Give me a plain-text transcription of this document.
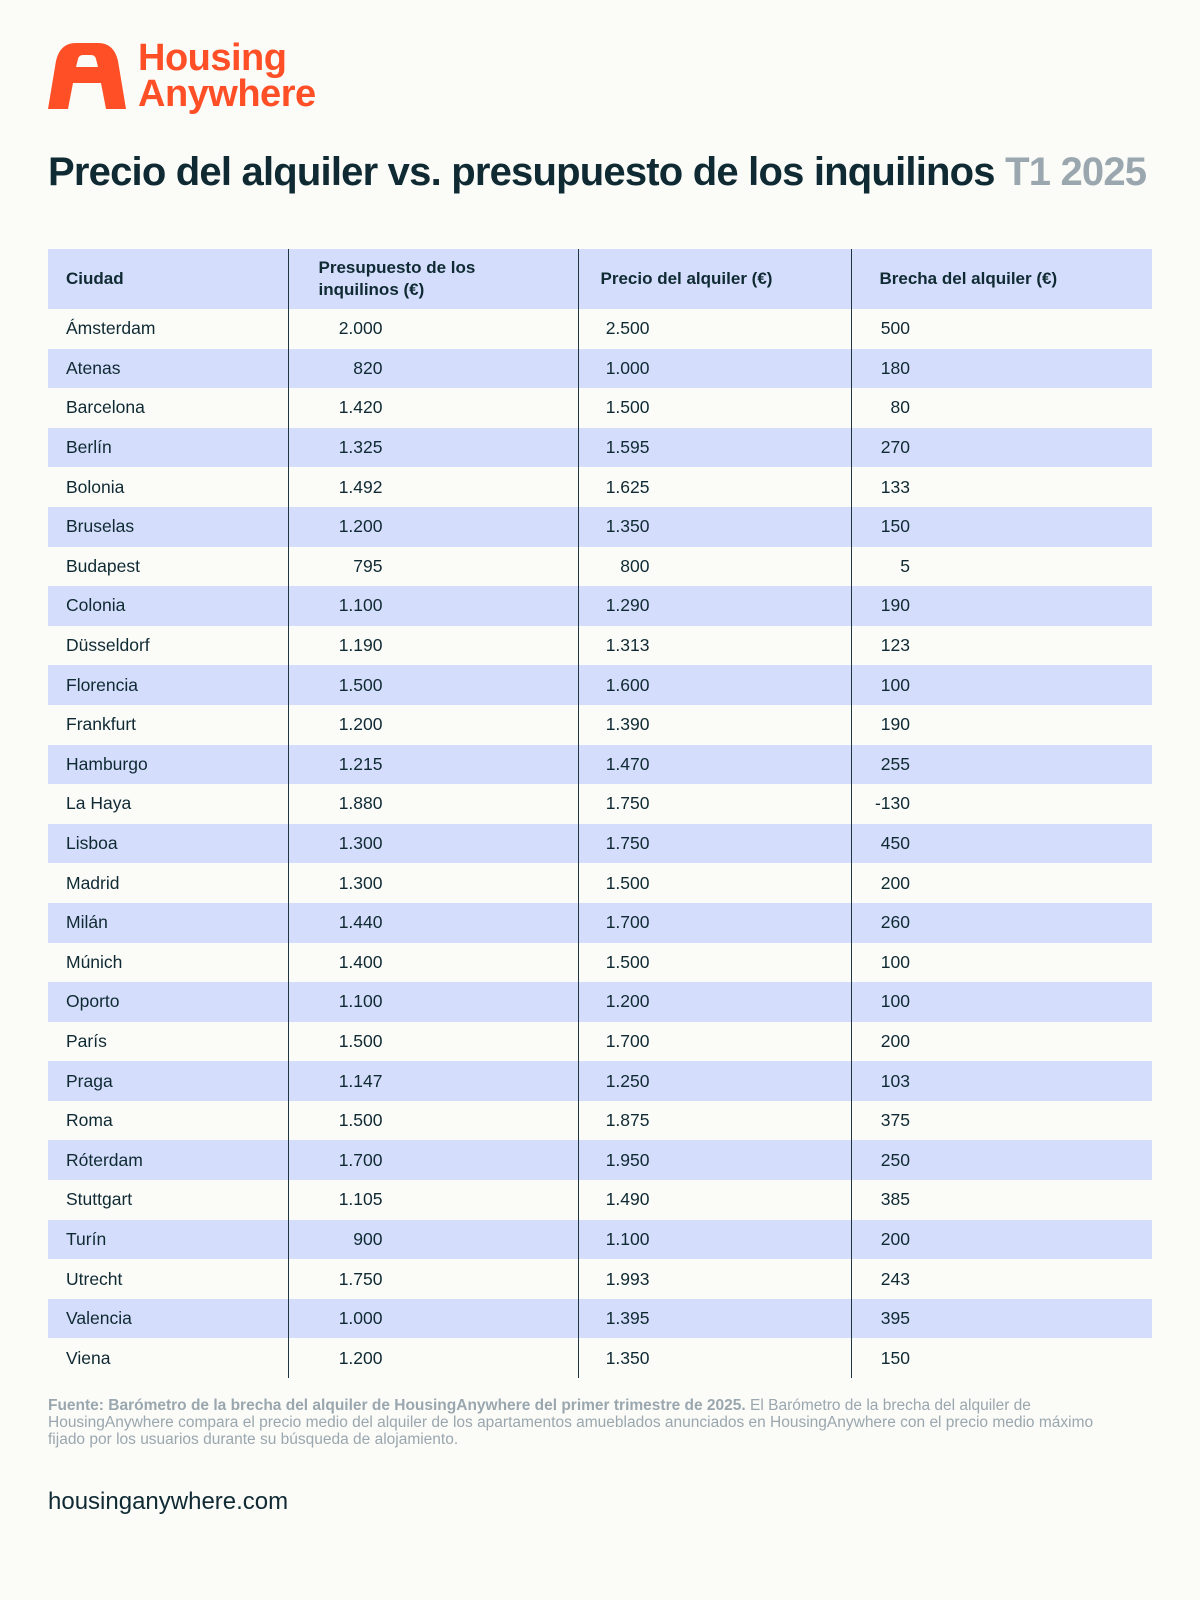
Housing
Anywhere
Precio del alquiler vs. presupuesto de los inquilinos T1 2025
Ciudad	Presupuesto de los inquilinos (€)	Precio del alquiler (€)	Brecha del alquiler (€)
Ámsterdam	2.000	2.500	500
Atenas	820	1.000	180
Barcelona	1.420	1.500	80
Berlín	1.325	1.595	270
Bolonia	1.492	1.625	133
Bruselas	1.200	1.350	150
Budapest	795	800	5
Colonia	1.100	1.290	190
Düsseldorf	1.190	1.313	123
Florencia	1.500	1.600	100
Frankfurt	1.200	1.390	190
Hamburgo	1.215	1.470	255
La Haya	1.880	1.750	-130
Lisboa	1.300	1.750	450
Madrid	1.300	1.500	200
Milán	1.440	1.700	260
Múnich	1.400	1.500	100
Oporto	1.100	1.200	100
París	1.500	1.700	200
Praga	1.147	1.250	103
Roma	1.500	1.875	375
Róterdam	1.700	1.950	250
Stuttgart	1.105	1.490	385
Turín	900	1.100	200
Utrecht	1.750	1.993	243
Valencia	1.000	1.395	395
Viena	1.200	1.350	150
Fuente: Barómetro de la brecha del alquiler de HousingAnywhere del primer trimestre de 2025. El Barómetro de la brecha del alquiler de HousingAnywhere compara el precio medio del alquiler de los apartamentos amueblados anunciados en HousingAnywhere con el precio medio máximo fijado por los usuarios durante su búsqueda de alojamiento.
housinganywhere.com
